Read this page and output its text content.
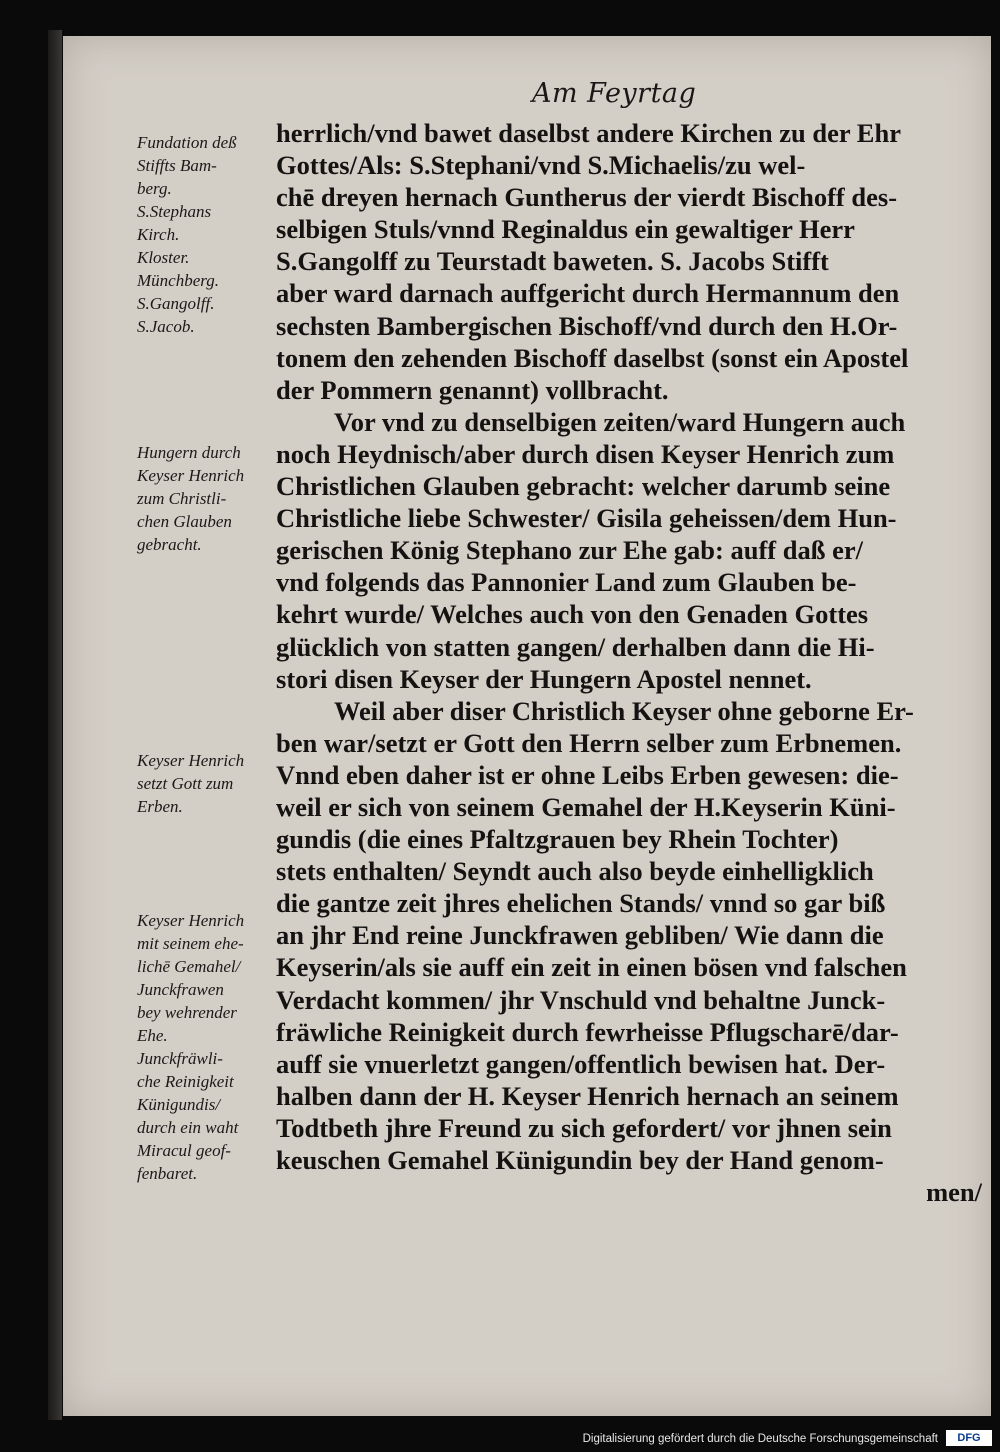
Am Feyrtag
herrlich/vnd bawet daselbst andere Kirchen zu der Ehr
Gottes/Als: S.Stephani/vnd S.Michaelis/zu wel-
chē dreyen hernach Guntherus der vierdt Bischoff des-
selbigen Stuls/vnnd Reginaldus ein gewaltiger Herr
S.Gangolff zu Teurstadt baweten. S. Jacobs Stifft
aber ward darnach auffgericht durch Hermannum den
sechsten Bambergischen Bischoff/vnd durch den H.Or-
tonem den zehenden Bischoff daselbst (sonst ein Apostel
der Pommern genannt) vollbracht.
Vor vnd zu denselbigen zeiten/ward Hungern auch
noch Heydnisch/aber durch disen Keyser Henrich zum
Christlichen Glauben gebracht: welcher darumb seine
Christliche liebe Schwester/ Gisila geheissen/dem Hun-
gerischen König Stephano zur Ehe gab: auff daß er/
vnd folgends das Pannonier Land zum Glauben be-
kehrt wurde/ Welches auch von den Genaden Gottes
glücklich von statten gangen/ derhalben dann die Hi-
stori disen Keyser der Hungern Apostel nennet.
Weil aber diser Christlich Keyser ohne geborne Er-
ben war/setzt er Gott den Herrn selber zum Erbnemen.
Vnnd eben daher ist er ohne Leibs Erben gewesen: die-
weil er sich von seinem Gemahel der H.Keyserin Küni-
gundis (die eines Pfaltzgrauen bey Rhein Tochter)
stets enthalten/ Seyndt auch also beyde einhelligklich
die gantze zeit jhres ehelichen Stands/ vnnd so gar biß
an jhr End reine Junckfrawen gebliben/ Wie dann die
Keyserin/als sie auff ein zeit in einen bösen vnd falschen
Verdacht kommen/ jhr Vnschuld vnd behaltne Junck-
fräwliche Reinigkeit durch fewrheisse Pflugscharē/dar-
auff sie vnuerletzt gangen/offentlich bewisen hat. Der-
halben dann der H. Keyser Henrich hernach an seinem
Todtbeth jhre Freund zu sich gefordert/ vor jhnen sein
keuschen Gemahel Künigundin bey der Hand genom-
men/
Fundation deß
Stiffts Bam-
berg.
S.Stephans
Kirch.
Kloster.
Münchberg.
S.Gangolff.
S.Jacob.
Hungern durch
Keyser Henrich
zum Christli-
chen Glauben
gebracht.
Keyser Henrich
setzt Gott zum
Erben.
Keyser Henrich
mit seinem ehe-
lichē Gemahel/
Junckfrawen
bey wehrender
Ehe.
Junckfräwli-
che Reinigkeit
Künigundis/
durch ein waht
Miracul geof-
fenbaret.
Digitalisierung gefördert durch die Deutsche Forschungsgemeinschaft	DFG
